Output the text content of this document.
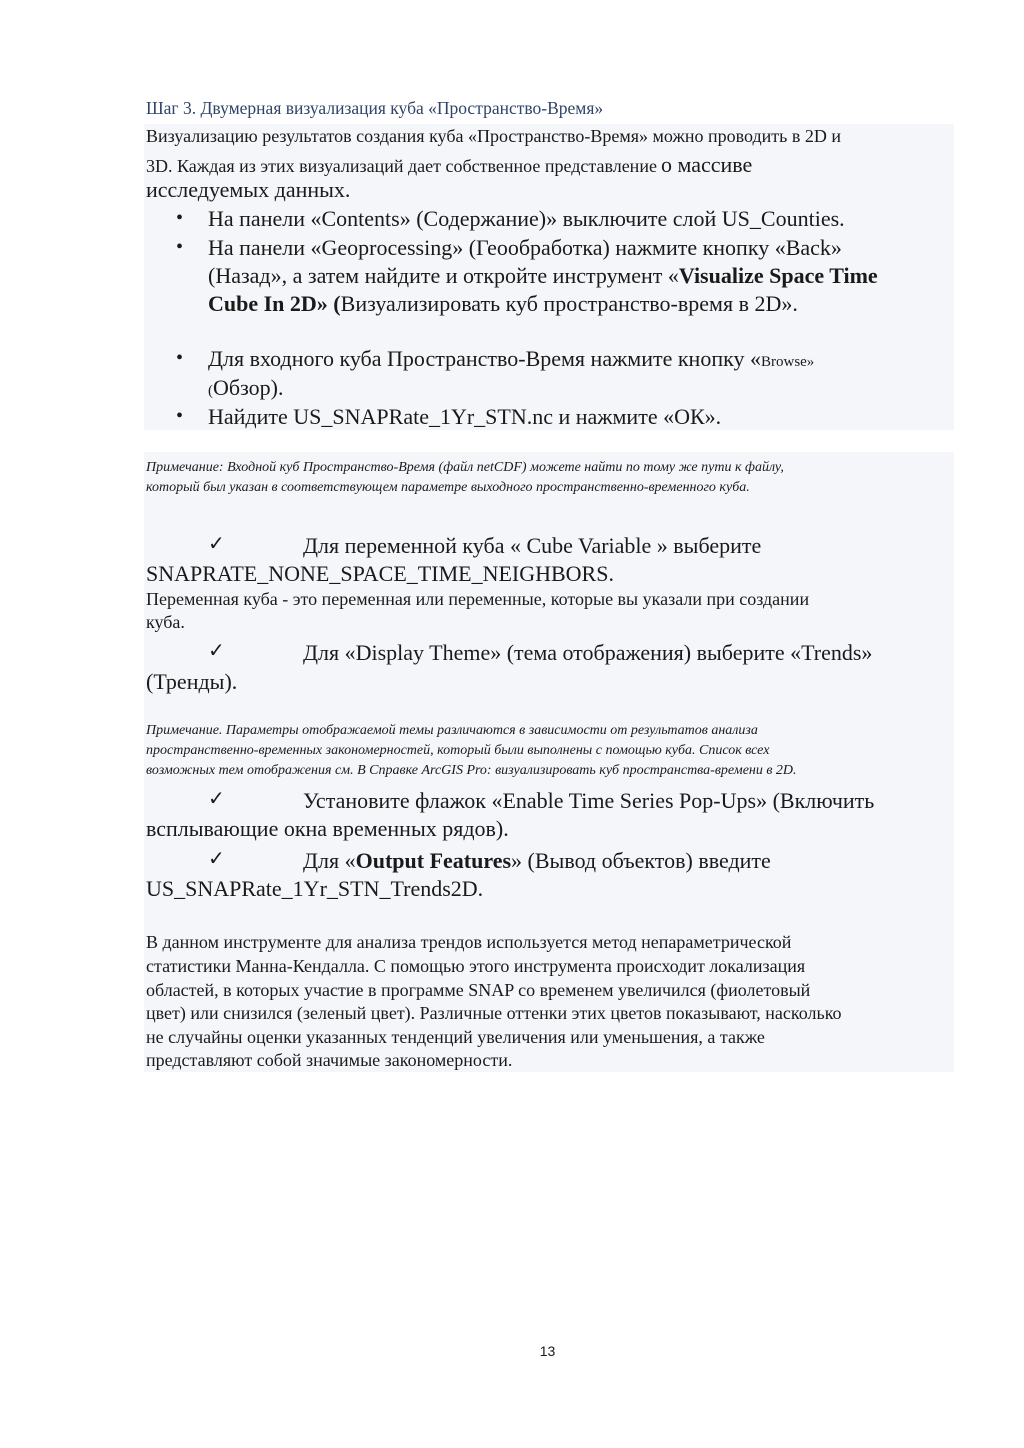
Шаг 3. Двумерная визуализация куба «Пространство-Время»
Визуализацию результатов создания куба «Пространство-Время» можно проводить в 2D и
3D. Каждая из этих визуализаций дает собственное представление о массиве
исследуемых данных.
• На панели «Contents» (Содержание)» выключите слой US_Counties.
• На панели «Geoprocessing» (Геообработка) нажмите кнопку «Back»
(Назад», а затем найдите и откройте инструмент «Visualize Space Time
Cube In 2D» (Визуализировать куб пространство-время в 2D».
• Для входного куба Пространство-Время нажмите кнопку «Browse»
(Обзор).
• Найдите US_SNAPRate_1Yr_STN.nc и нажмите «ОК».
Примечание: Входной куб Пространство-Время (файл netCDF) можете найти по тому же пути к файлу,
который был указан в соответствующем параметре выходного пространственно-временного куба.
✓	Для переменной куба « Cube Variable » выберите
SNAPRATE_NONE_SPACE_TIME_NEIGHBORS.
Переменная куба - это переменная или переменные, которые вы указали при создании
куба.
✓	Для «Display Theme» (тема отображения) выберите «Trends»
(Тренды).
Примечание. Параметры отображаемой темы различаются в зависимости от результатов анализа
пространственно-временных закономерностей, который были выполнены с помощью куба. Список всех
возможных тем отображения см. В Справке ArcGIS Pro: визуализировать куб пространства-времени в 2D.
✓	Установите флажок «Enable Time Series Pop-Ups» (Включить
всплывающие окна временных рядов).
✓	Для «Output Features» (Вывод объектов) введите
US_SNAPRate_1Yr_STN_Trends2D.
В данном инструменте для анализа трендов используется метод непараметрической
статистики Манна-Кендалла. С помощью этого инструмента происходит локализация
областей, в которых участие в программе SNAP со временем увеличился (фиолетовый
цвет) или снизился (зеленый цвет). Различные оттенки этих цветов показывают, насколько
не случайны оценки указанных тенденций увеличения или уменьшения, а также
представляют собой значимые закономерности.
13
